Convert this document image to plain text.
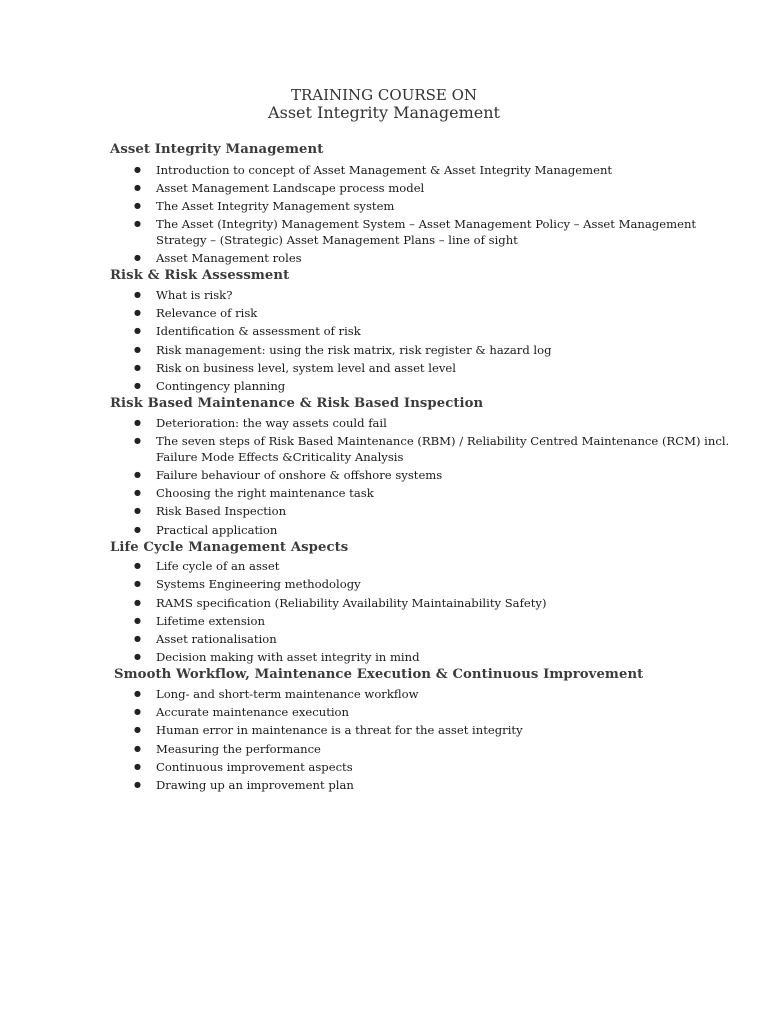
TRAINING COURSE ON
Asset Integrity Management
Asset Integrity Management
● Introduction to concept of Asset Management & Asset Integrity Management
● Asset Management Landscape process model
● The Asset Integrity Management system
● The Asset (Integrity) Management System – Asset Management Policy – Asset Management Strategy – (Strategic) Asset Management Plans – line of sight
● Asset Management roles
Risk & Risk Assessment
● What is risk?
● Relevance of risk
● Identification & assessment of risk
● Risk management: using the risk matrix, risk register & hazard log
● Risk on business level, system level and asset level
● Contingency planning
Risk Based Maintenance & Risk Based Inspection
● Deterioration: the way assets could fail
● The seven steps of Risk Based Maintenance (RBM) / Reliability Centred Maintenance (RCM) incl. Failure Mode Effects &Criticality Analysis
● Failure behaviour of onshore & offshore systems
● Choosing the right maintenance task
● Risk Based Inspection
● Practical application
Life Cycle Management Aspects
● Life cycle of an asset
● Systems Engineering methodology
● RAMS specification (Reliability Availability Maintainability Safety)
● Lifetime extension
● Asset rationalisation
● Decision making with asset integrity in mind
Smooth Workflow, Maintenance Execution & Continuous Improvement
● Long- and short-term maintenance workflow
● Accurate maintenance execution
● Human error in maintenance is a threat for the asset integrity
● Measuring the performance
● Continuous improvement aspects
● Drawing up an improvement plan
